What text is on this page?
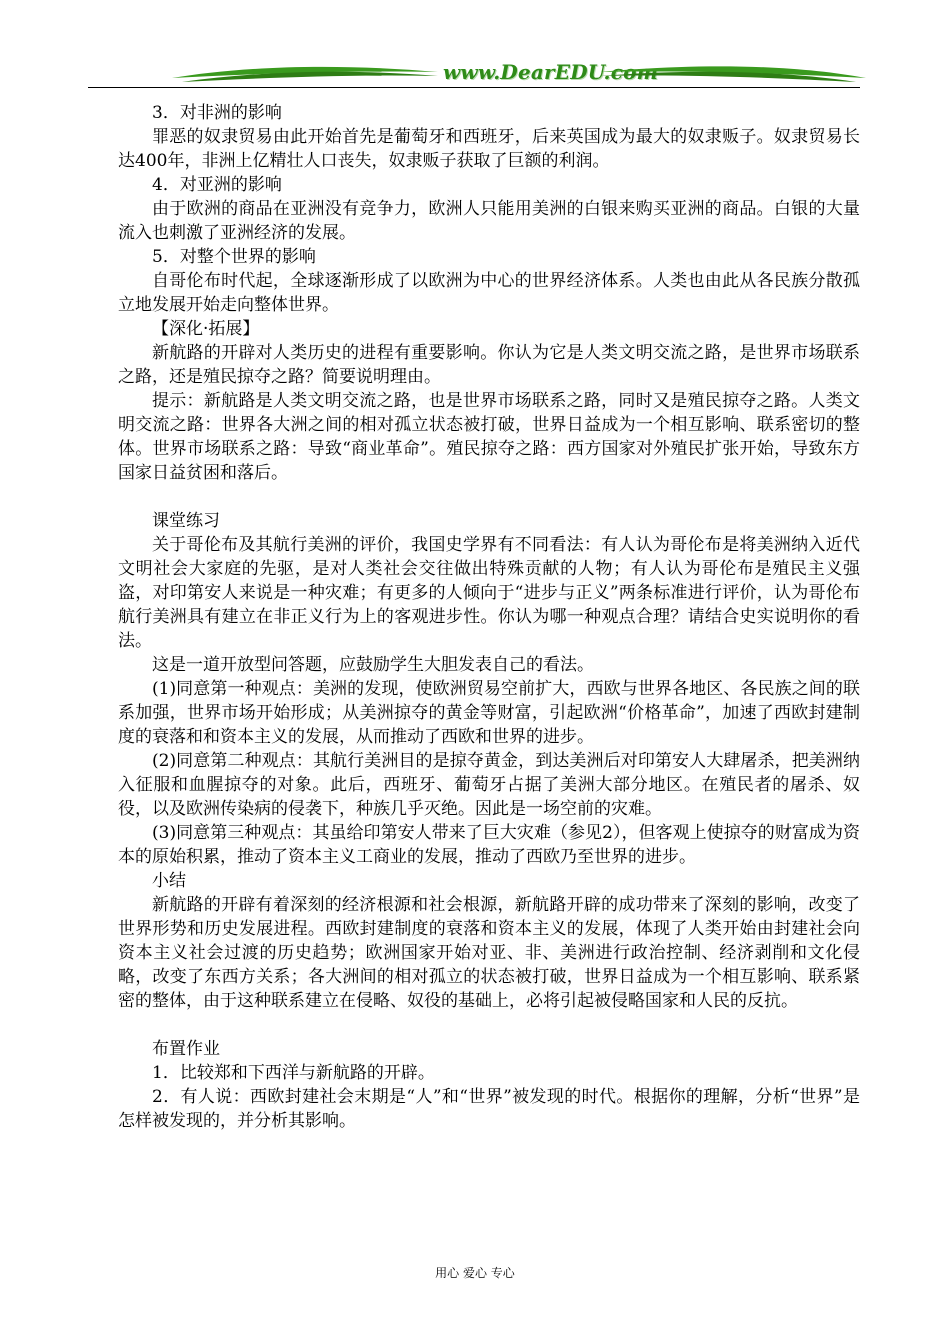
www.DearEDU.com

3．对非洲的影响

罪恶的奴隶贸易由此开始首先是葡萄牙和西班牙，后来英国成为最大的奴隶贩子。奴隶贸易长达400年，非洲上亿精壮人口丧失，奴隶贩子获取了巨额的利润。

4．对亚洲的影响

由于欧洲的商品在亚洲没有竞争力，欧洲人只能用美洲的白银来购买亚洲的商品。白银的大量流入也刺激了亚洲经济的发展。

5．对整个世界的影响

自哥伦布时代起，全球逐渐形成了以欧洲为中心的世界经济体系。人类也由此从各民族分散孤立地发展开始走向整体世界。

【深化·拓展】

新航路的开辟对人类历史的进程有重要影响。你认为它是人类文明交流之路，是世界市场联系之路，还是殖民掠夺之路？简要说明理由。

提示：新航路是人类文明交流之路，也是世界市场联系之路，同时又是殖民掠夺之路。人类文明交流之路：世界各大洲之间的相对孤立状态被打破，世界日益成为一个相互影响、联系密切的整体。世界市场联系之路：导致“商业革命”。殖民掠夺之路：西方国家对外殖民扩张开始，导致东方国家日益贫困和落后。

课堂练习

关于哥伦布及其航行美洲的评价，我国史学界有不同看法：有人认为哥伦布是将美洲纳入近代文明社会大家庭的先驱，是对人类社会交往做出特殊贡献的人物；有人认为哥伦布是殖民主义强盗，对印第安人来说是一种灾难；有更多的人倾向于“进步与正义”两条标准进行评价，认为哥伦布航行美洲具有建立在非正义行为上的客观进步性。你认为哪一种观点合理？请结合史实说明你的看法。

这是一道开放型问答题，应鼓励学生大胆发表自己的看法。

(1)同意第一种观点：美洲的发现，使欧洲贸易空前扩大，西欧与世界各地区、各民族之间的联系加强，世界市场开始形成；从美洲掠夺的黄金等财富，引起欧洲“价格革命”，加速了西欧封建制度的衰落和和资本主义的发展，从而推动了西欧和世界的进步。

(2)同意第二种观点：其航行美洲目的是掠夺黄金，到达美洲后对印第安人大肆屠杀，把美洲纳入征服和血腥掠夺的对象。此后，西班牙、葡萄牙占据了美洲大部分地区。在殖民者的屠杀、奴役，以及欧洲传染病的侵袭下，种族几乎灭绝。因此是一场空前的灾难。

(3)同意第三种观点：其虽给印第安人带来了巨大灾难（参见2），但客观上使掠夺的财富成为资本的原始积累，推动了资本主义工商业的发展，推动了西欧乃至世界的进步。

小结

新航路的开辟有着深刻的经济根源和社会根源，新航路开辟的成功带来了深刻的影响，改变了世界形势和历史发展进程。西欧封建制度的衰落和资本主义的发展，体现了人类开始由封建社会向资本主义社会过渡的历史趋势；欧洲国家开始对亚、非、美洲进行政治控制、经济剥削和文化侵略，改变了东西方关系；各大洲间的相对孤立的状态被打破，世界日益成为一个相互影响、联系紧密的整体，由于这种联系建立在侵略、奴役的基础上，必将引起被侵略国家和人民的反抗。

布置作业

1．比较郑和下西洋与新航路的开辟。

2．有人说：西欧封建社会末期是“人”和“世界”被发现的时代。根据你的理解，分析“世界”是怎样被发现的，并分析其影响。

用心 爱心 专心
